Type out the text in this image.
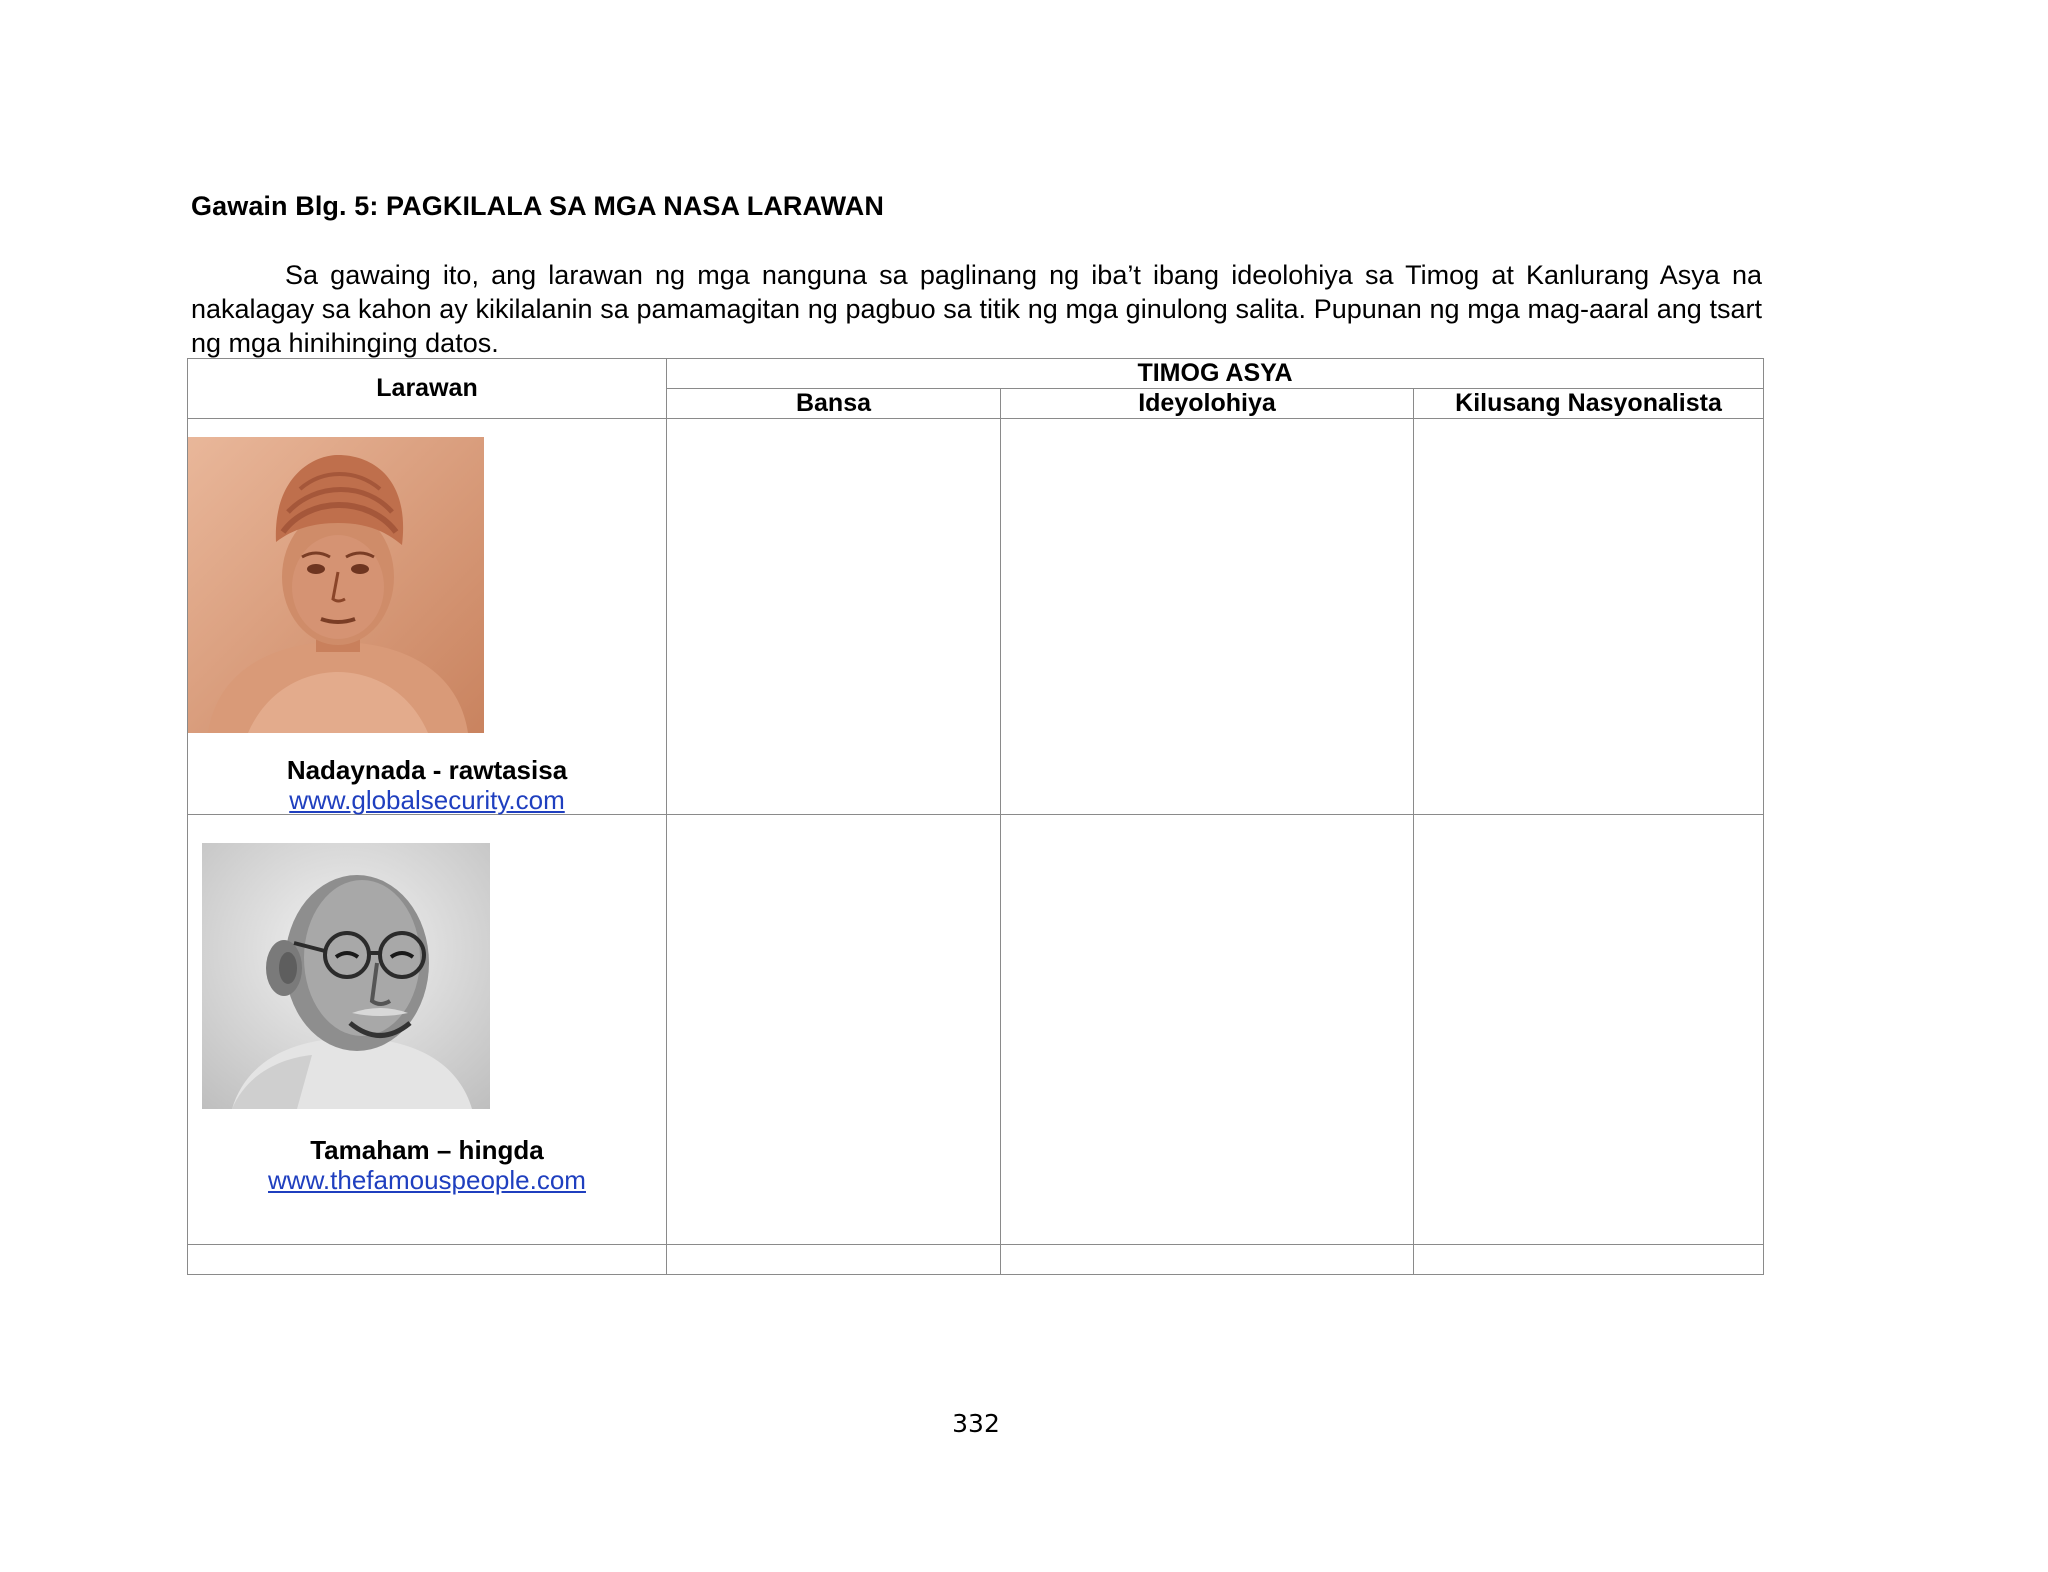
Gawain Blg. 5: PAGKILALA SA MGA NASA LARAWAN

Sa gawaing ito, ang larawan ng mga nanguna sa paglinang ng iba’t ibang ideolohiya sa Timog at Kanlurang Asya na nakalagay sa kahon ay kikilalanin sa pamamagitan ng pagbuo sa titik ng mga ginulong salita. Pupunan ng mga mag-aaral ang tsart ng mga hinihinging datos.

Larawan	TIMOG ASYA		
	Bansa	Ideyolohiya	Kilusang Nasyonalista

Nadaynada - rawtasisa
www.globalsecurity.com			

Tamaham – hingda
www.thefamouspeople.com			

332
